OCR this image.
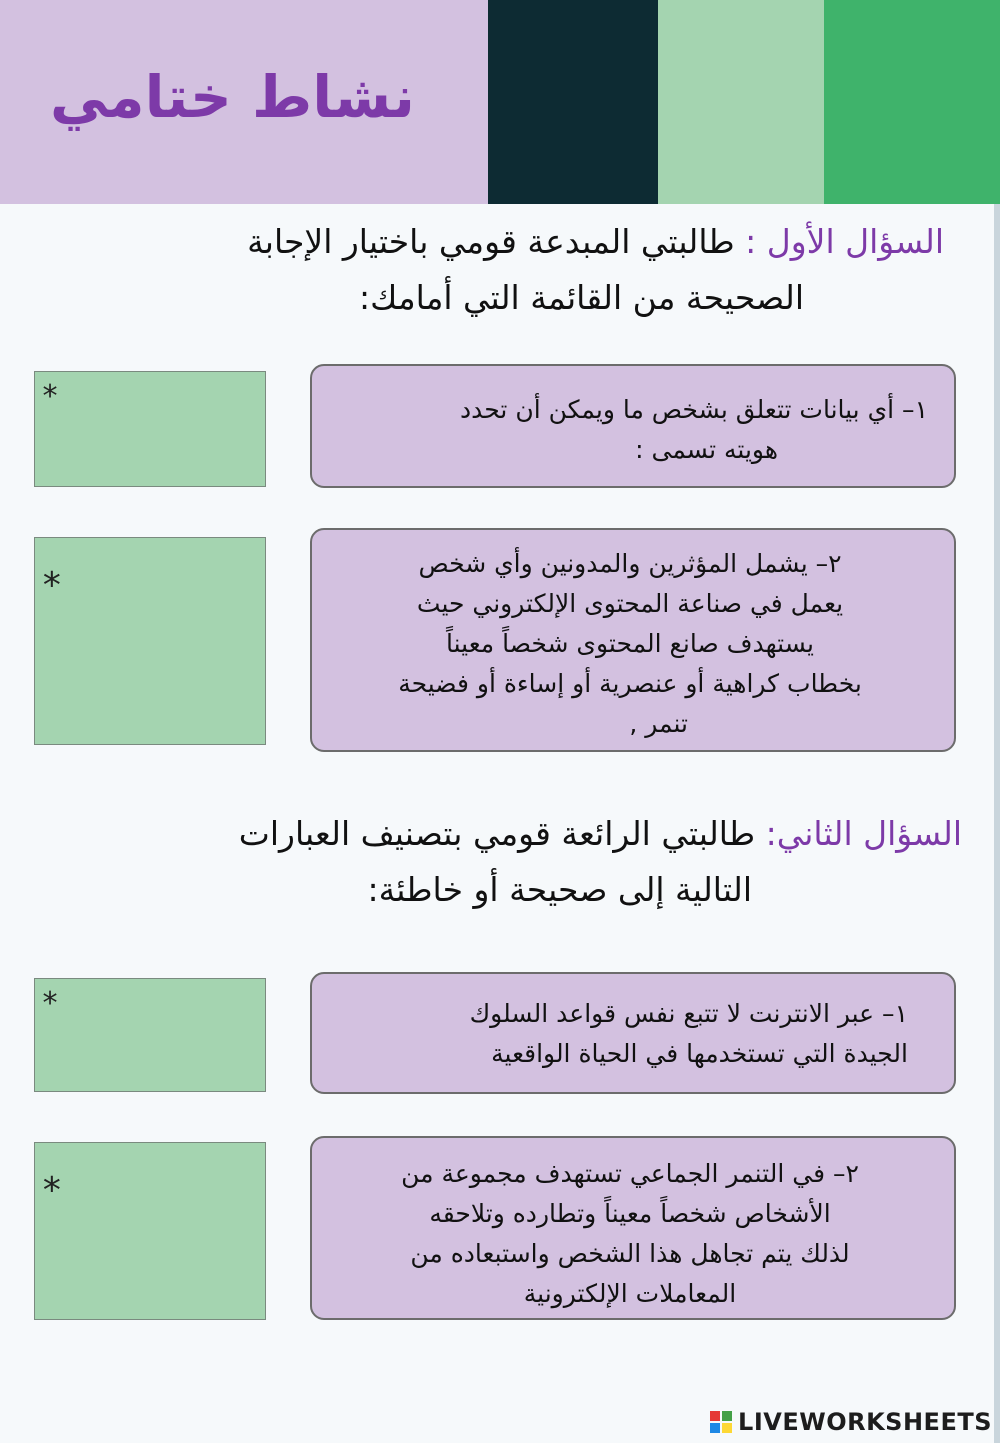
نشاط ختامي
السؤال الأول : طالبتي المبدعة قومي باختيار الإجابة
الصحيحة من القائمة التي أمامك:
١– أي بيانات تتعلق بشخص ما ويمكن أن تحدد
هويته تسمى :
*
٢– يشمل المؤثرين والمدونين وأي شخص
يعمل في صناعة المحتوى الإلكتروني حيث
يستهدف صانع المحتوى شخصاً معيناً
بخطاب كراهية أو عنصرية أو إساءة أو فضيحة
, تنمر
*
السؤال الثاني: طالبتي الرائعة قومي بتصنيف العبارات
التالية إلى صحيحة أو خاطئة:
١– عبر الانترنت لا تتبع نفس قواعد السلوك
الجيدة التي تستخدمها في الحياة الواقعية
*
٢– في التنمر الجماعي تستهدف مجموعة من
الأشخاص شخصاً معيناً وتطارده وتلاحقه
لذلك يتم تجاهل هذا الشخص واستبعاده من
المعاملات الإلكترونية
*
LIVEWORKSHEETS
